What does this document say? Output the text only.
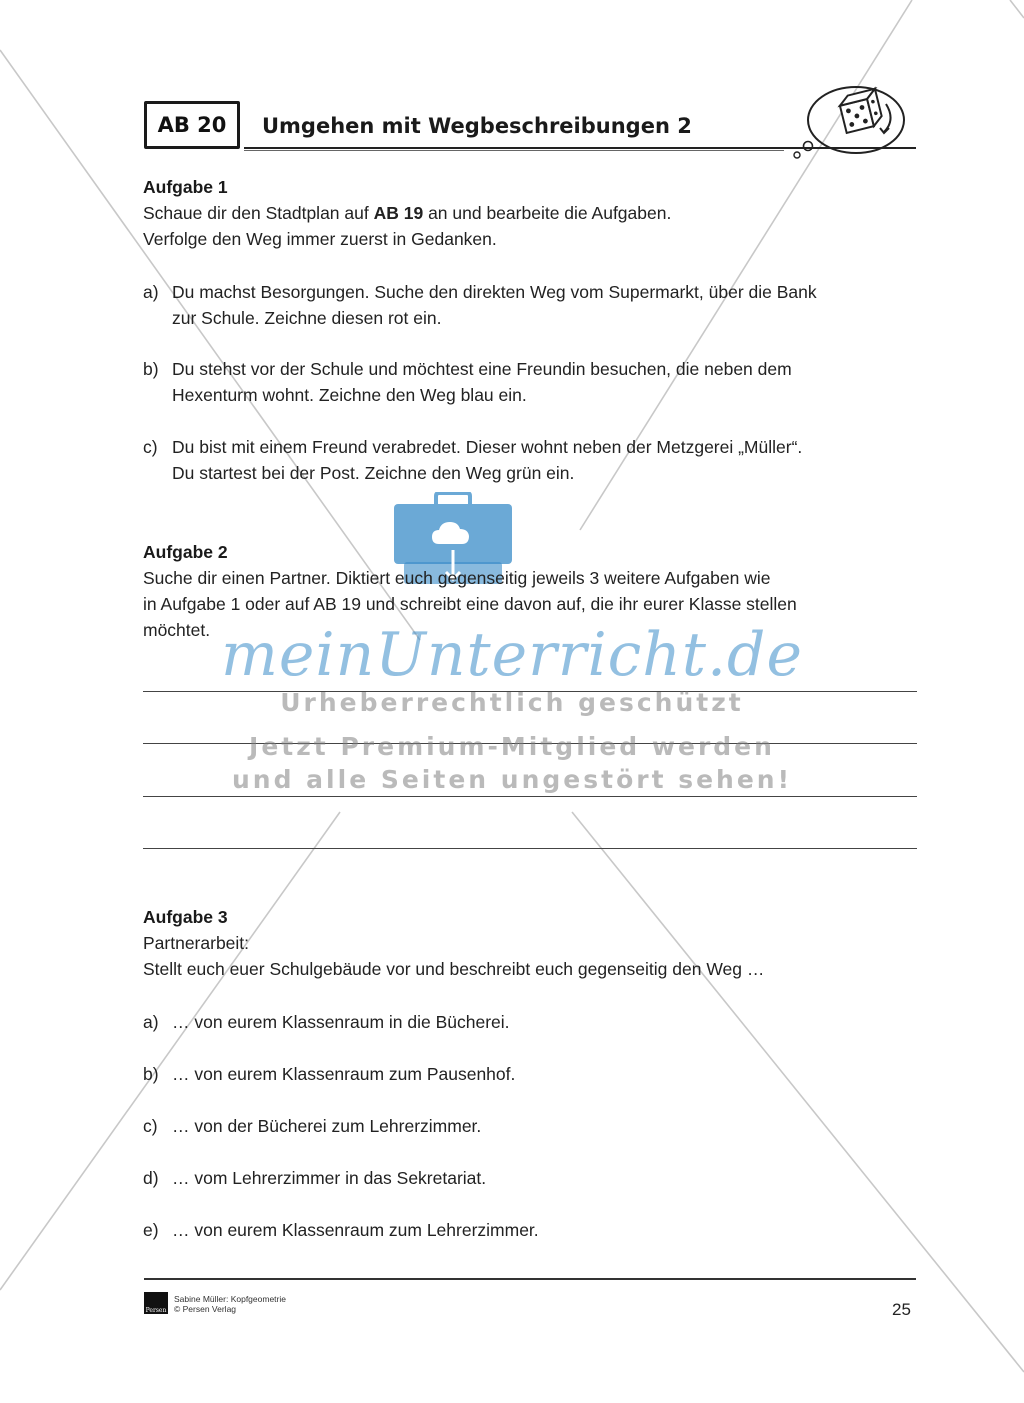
AB 20 Umgehen mit Wegbeschreibungen 2
Aufgabe 1
Schaue dir den Stadtplan auf AB 19 an und bearbeite die Aufgaben.
Verfolge den Weg immer zuerst in Gedanken.
a) Du machst Besorgungen. Suche den direkten Weg vom Supermarkt, über die Bank
zur Schule. Zeichne diesen rot ein.
b) Du stehst vor der Schule und möchtest eine Freundin besuchen, die neben dem
Hexenturm wohnt. Zeichne den Weg blau ein.
c) Du bist mit einem Freund verabredet. Dieser wohnt neben der Metzgerei „Müller“.
Du startest bei der Post. Zeichne den Weg grün ein.
Aufgabe 2
Suche dir einen Partner. Diktiert euch gegenseitig jeweils 3 weitere Aufgaben wie
in Aufgabe 1 oder auf AB 19 und schreibt eine davon auf, die ihr eurer Klasse stellen
möchtet. meinUnterricht.de
Urheberrechtlich geschützt
Jetzt Premium-Mitglied werden
und alle Seiten ungestört sehen!
Aufgabe 3
Partnerarbeit:
Stellt euch euer Schulgebäude vor und beschreibt euch gegenseitig den Weg …
a) … von eurem Klassenraum in die Bücherei.
b) … von eurem Klassenraum zum Pausenhof.
c) … von der Bücherei zum Lehrerzimmer.
d) … vom Lehrerzimmer in das Sekretariat.
e) … von eurem Klassenraum zum Lehrerzimmer.
Persen
Sabine Müller: Kopfgeometrie
© Persen Verlag	25
